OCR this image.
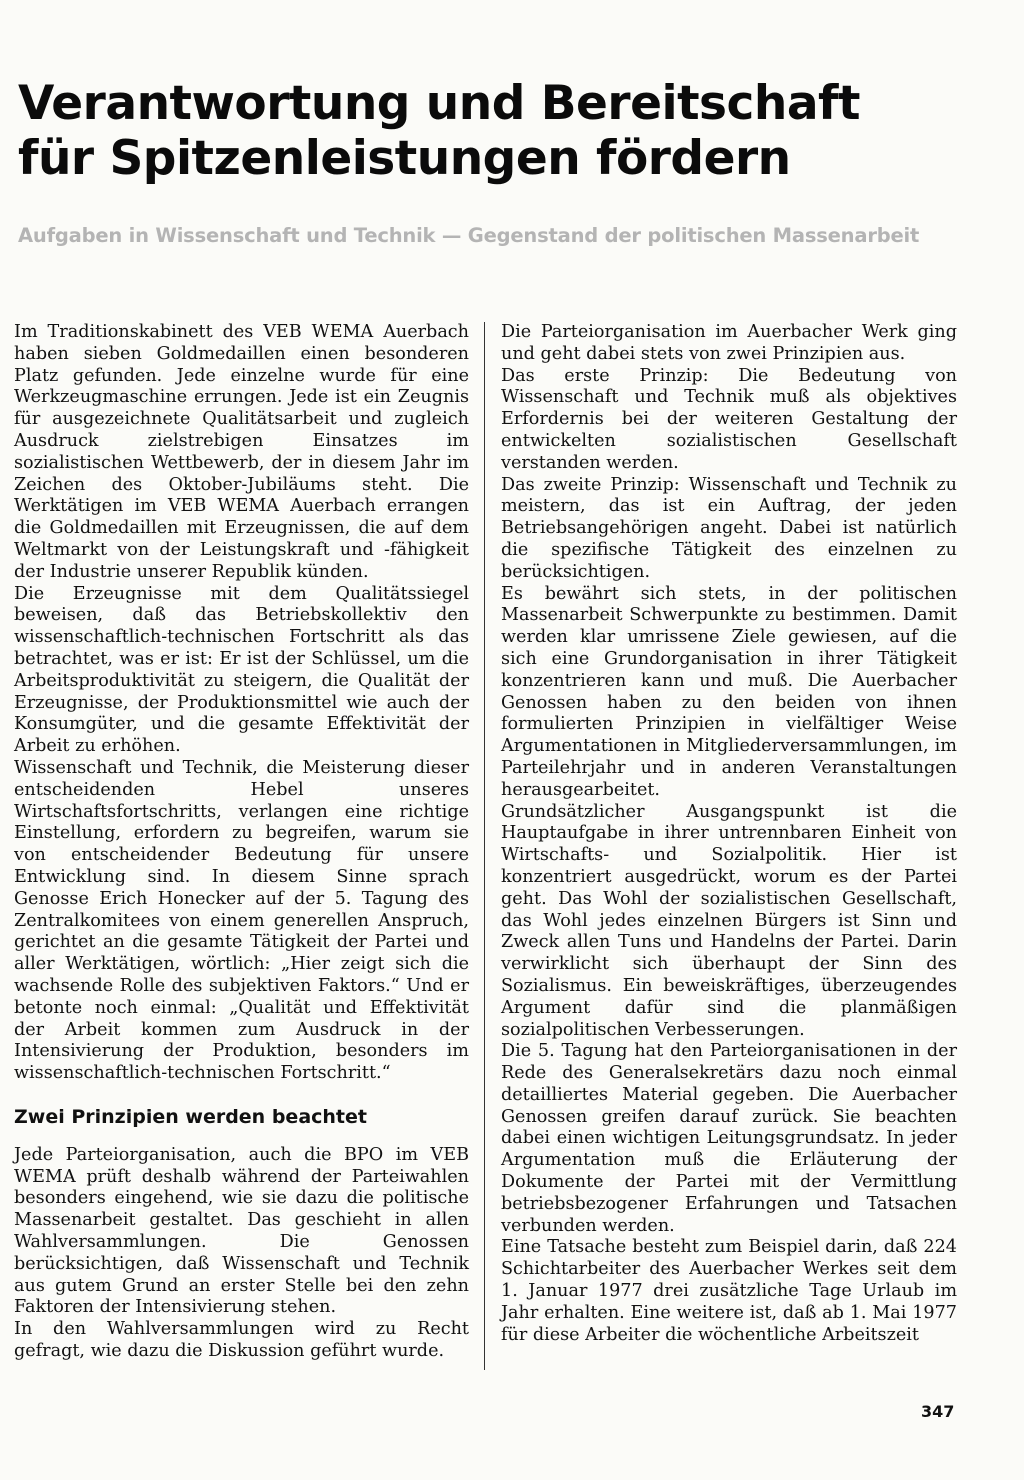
Verantwortung und Bereitschaft
für Spitzenleistungen fördern
Aufgaben in Wissenschaft und Technik — Gegenstand der politischen Massenarbeit

Im Traditionskabinett des VEB WEMA Auerbach haben sieben Goldmedaillen einen besonderen Platz gefunden. Jede einzelne wurde für eine Werkzeugmaschine errungen. Jede ist ein Zeugnis für ausgezeichnete Qualitätsarbeit und zugleich Ausdruck zielstrebigen Einsatzes im sozialistischen Wettbewerb, der in diesem Jahr im Zeichen des Oktober-Jubiläums steht. Die Werktätigen im VEB WEMA Auerbach errangen die Goldmedaillen mit Erzeugnissen, die auf dem Weltmarkt von der Leistungskraft und -fähigkeit der Industrie unserer Republik künden.

Die Erzeugnisse mit dem Qualitätssiegel beweisen, daß das Betriebskollektiv den wissenschaftlich-technischen Fortschritt als das betrachtet, was er ist: Er ist der Schlüssel, um die Arbeitsproduktivität zu steigern, die Qualität der Erzeugnisse, der Produktionsmittel wie auch der Konsumgüter, und die gesamte Effektivität der Arbeit zu erhöhen.

Wissenschaft und Technik, die Meisterung dieser entscheidenden Hebel unseres Wirtschaftsfortschritts, verlangen eine richtige Einstellung, erfordern zu begreifen, warum sie von entscheidender Bedeutung für unsere Entwicklung sind. In diesem Sinne sprach Genosse Erich Honecker auf der 5. Tagung des Zentralkomitees von einem generellen Anspruch, gerichtet an die gesamte Tätigkeit der Partei und aller Werktätigen, wörtlich: „Hier zeigt sich die wachsende Rolle des subjektiven Faktors.“ Und er betonte noch einmal: „Qualität und Effektivität der Arbeit kommen zum Ausdruck in der Intensivierung der Produktion, besonders im wissenschaftlich-technischen Fortschritt.“

Zwei Prinzipien werden beachtet

Jede Parteiorganisation, auch die BPO im VEB WEMA prüft deshalb während der Parteiwahlen besonders eingehend, wie sie dazu die politische Massenarbeit gestaltet. Das geschieht in allen Wahlversammlungen. Die Genossen berücksichtigen, daß Wissenschaft und Technik aus gutem Grund an erster Stelle bei den zehn Faktoren der Intensivierung stehen.

In den Wahlversammlungen wird zu Recht gefragt, wie dazu die Diskussion geführt wurde.

Die Parteiorganisation im Auerbacher Werk ging und geht dabei stets von zwei Prinzipien aus.

Das erste Prinzip: Die Bedeutung von Wissenschaft und Technik muß als objektives Erfordernis bei der weiteren Gestaltung der entwickelten sozialistischen Gesellschaft verstanden werden.

Das zweite Prinzip: Wissenschaft und Technik zu meistern, das ist ein Auftrag, der jeden Betriebsangehörigen angeht. Dabei ist natürlich die spezifische Tätigkeit des einzelnen zu berücksichtigen.

Es bewährt sich stets, in der politischen Massenarbeit Schwerpunkte zu bestimmen. Damit werden klar umrissene Ziele gewiesen, auf die sich eine Grundorganisation in ihrer Tätigkeit konzentrieren kann und muß. Die Auerbacher Genossen haben zu den beiden von ihnen formulierten Prinzipien in vielfältiger Weise Argumentationen in Mitgliederversammlungen, im Parteilehrjahr und in anderen Veranstaltungen herausgearbeitet.

Grundsätzlicher Ausgangspunkt ist die Hauptaufgabe in ihrer untrennbaren Einheit von Wirtschafts- und Sozialpolitik. Hier ist konzentriert ausgedrückt, worum es der Partei geht. Das Wohl der sozialistischen Gesellschaft, das Wohl jedes einzelnen Bürgers ist Sinn und Zweck allen Tuns und Handelns der Partei. Darin verwirklicht sich überhaupt der Sinn des Sozialismus. Ein beweiskräftiges, überzeugendes Argument dafür sind die planmäßigen sozialpolitischen Verbesserungen.

Die 5. Tagung hat den Parteiorganisationen in der Rede des Generalsekretärs dazu noch einmal detailliertes Material gegeben. Die Auerbacher Genossen greifen darauf zurück. Sie beachten dabei einen wichtigen Leitungsgrundsatz. In jeder Argumentation muß die Erläuterung der Dokumente der Partei mit der Vermittlung betriebsbezogener Erfahrungen und Tatsachen verbunden werden.

Eine Tatsache besteht zum Beispiel darin, daß 224 Schichtarbeiter des Auerbacher Werkes seit dem 1. Januar 1977 drei zusätzliche Tage Urlaub im Jahr erhalten. Eine weitere ist, daß ab 1. Mai 1977 für diese Arbeiter die wöchentliche Arbeitszeit

347
